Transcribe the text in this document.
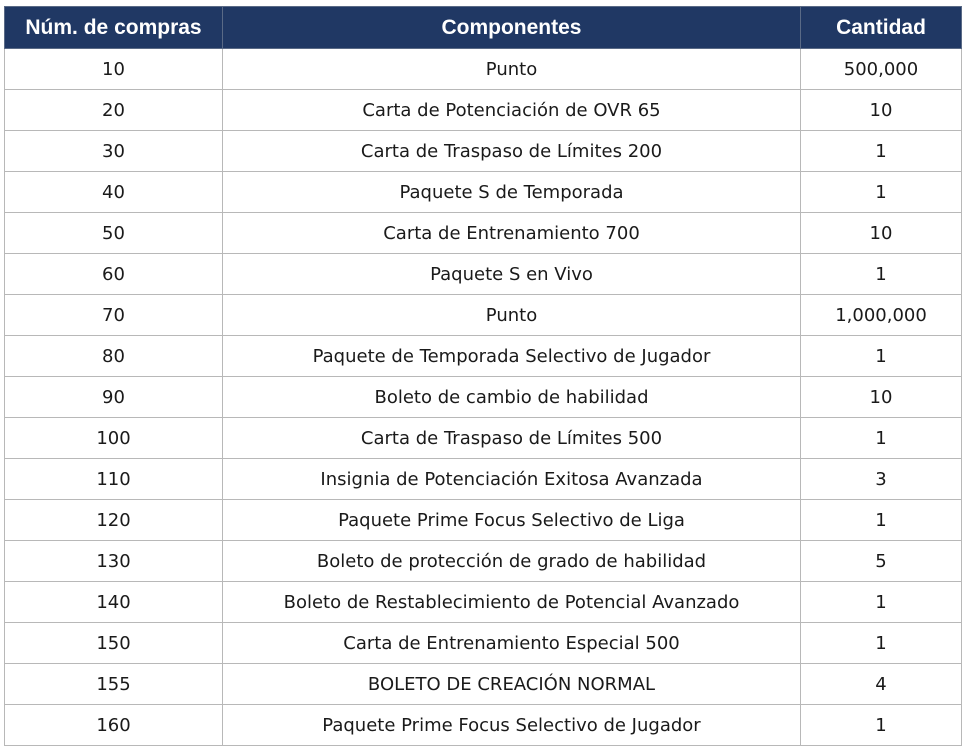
Núm. de compras	Componentes	Cantidad
10	Punto	500,000
20	Carta de Potenciación de OVR 65	10
30	Carta de Traspaso de Límites 200	1
40	Paquete S de Temporada	1
50	Carta de Entrenamiento 700	10
60	Paquete S en Vivo	1
70	Punto	1,000,000
80	Paquete de Temporada Selectivo de Jugador	1
90	Boleto de cambio de habilidad	10
100	Carta de Traspaso de Límites 500	1
110	Insignia de Potenciación Exitosa Avanzada	3
120	Paquete Prime Focus Selectivo de Liga	1
130	Boleto de protección de grado de habilidad	5
140	Boleto de Restablecimiento de Potencial Avanzado	1
150	Carta de Entrenamiento Especial 500	1
155	BOLETO DE CREACIÓN NORMAL	4
160	Paquete Prime Focus Selectivo de Jugador	1
